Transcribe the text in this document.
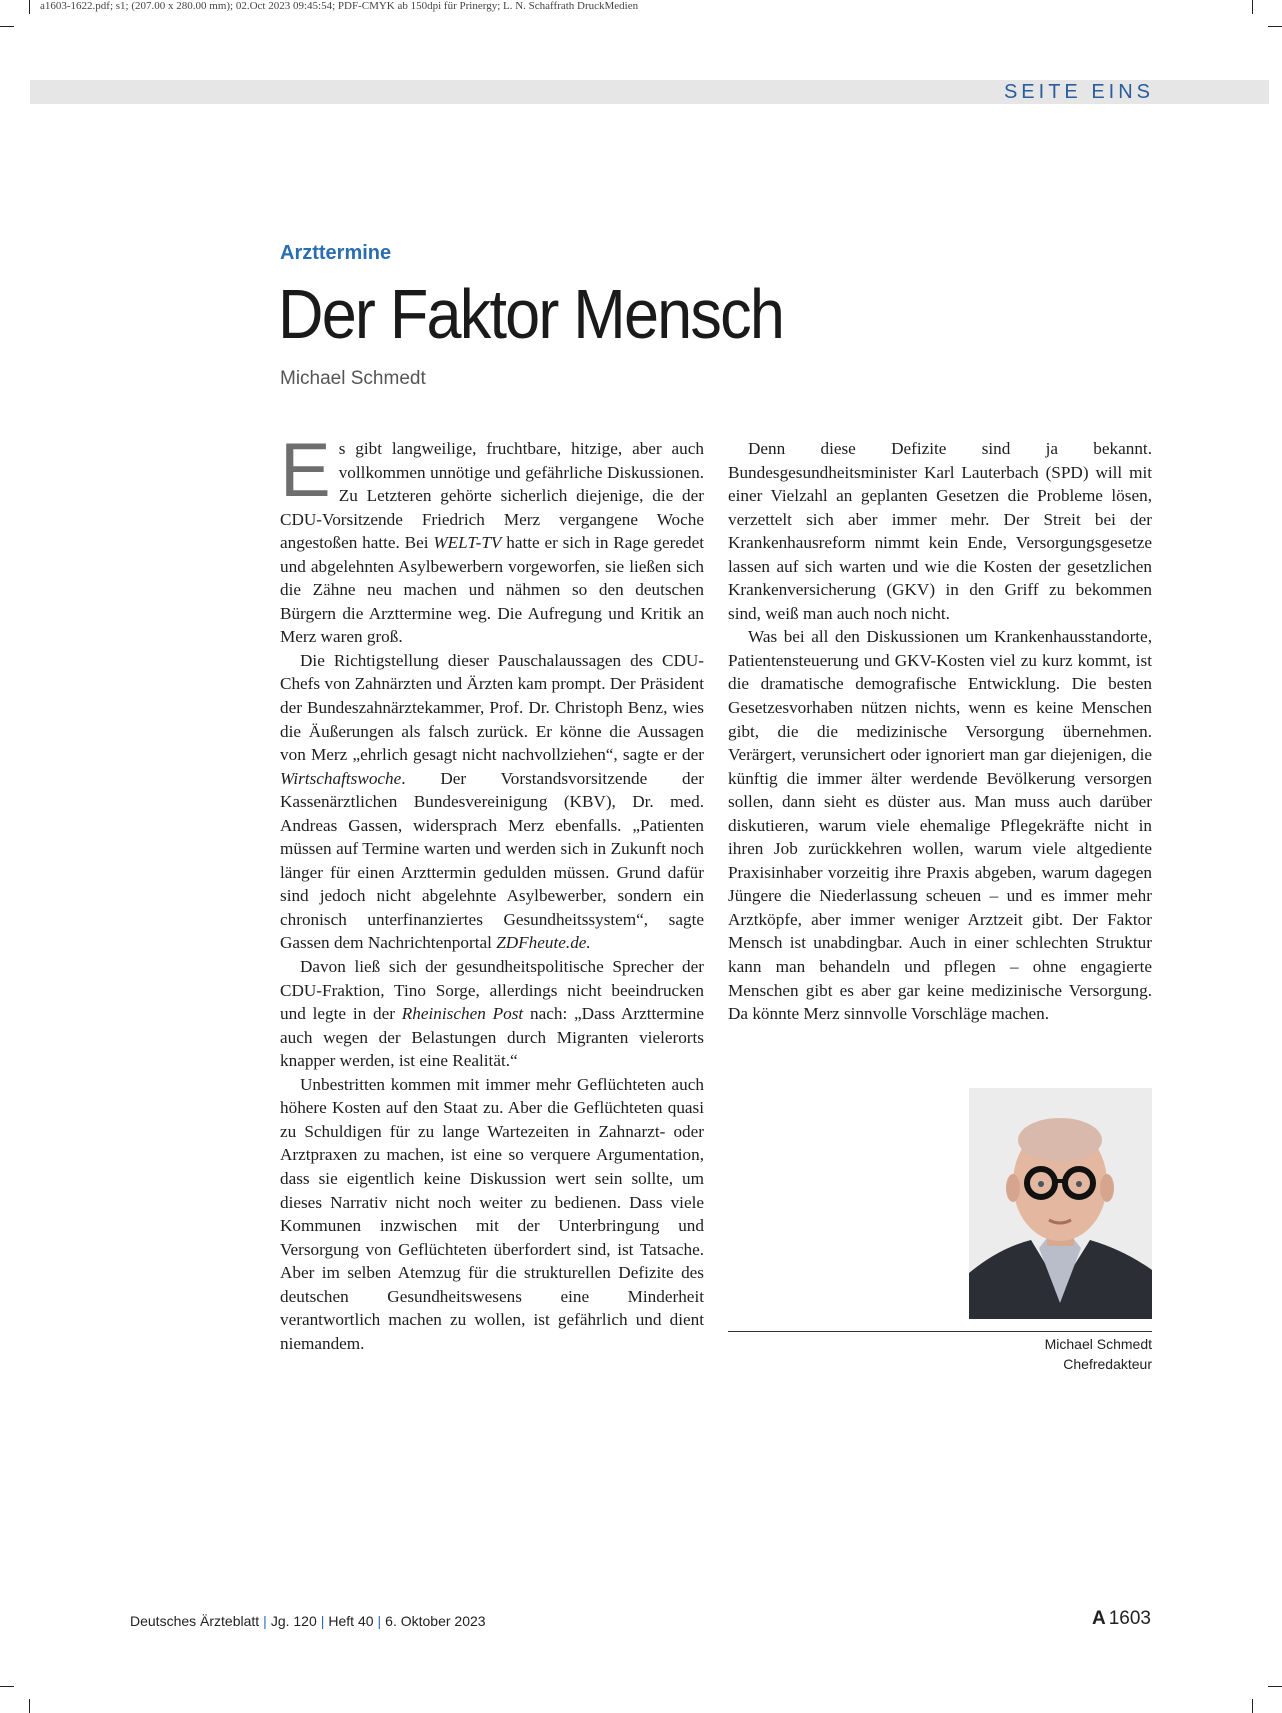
a1603-1622.pdf; s1; (207.00 x 280.00 mm); 02.Oct 2023 09:45:54; PDF-CMYK ab 150dpi für Prinergy; L. N. Schaffrath DruckMedien
SEITE EINS
Arzttermine
Der Faktor Mensch
Michael Schmedt

Es gibt langweilige, fruchtbare, hitzige, aber auch vollkommen unnötige und gefährliche Diskussionen. Zu Letzteren gehörte sicherlich diejenige, die der CDU-Vorsitzende Friedrich Merz vergangene Woche angestoßen hatte. Bei WELT-TV hatte er sich in Rage geredet und abgelehnten Asylbewerbern vorgeworfen, sie ließen sich die Zähne neu machen und nähmen so den deutschen Bürgern die Arzttermine weg. Die Aufregung und Kritik an Merz waren groß.

Die Richtigstellung dieser Pauschalaussagen des CDU-Chefs von Zahnärzten und Ärzten kam prompt. Der Präsident der Bundeszahnärztekammer, Prof. Dr. Christoph Benz, wies die Äußerungen als falsch zurück. Er könne die Aussagen von Merz „ehrlich gesagt nicht nachvollziehen“, sagte er der Wirtschaftswoche. Der Vorstandsvorsitzende der Kassenärztlichen Bundesvereinigung (KBV), Dr. med. Andreas Gassen, widersprach Merz ebenfalls. „Patienten müssen auf Termine warten und werden sich in Zukunft noch länger für einen Arzttermin gedulden müssen. Grund dafür sind jedoch nicht abgelehnte Asylbewerber, sondern ein chronisch unterfinanziertes Gesundheitssystem“, sagte Gassen dem Nachrichtenportal ZDFheute.de.

Davon ließ sich der gesundheitspolitische Sprecher der CDU-Fraktion, Tino Sorge, allerdings nicht beeindrucken und legte in der Rheinischen Post nach: „Dass Arzttermine auch wegen der Belastungen durch Migranten vielerorts knapper werden, ist eine Realität.“

Unbestritten kommen mit immer mehr Geflüchteten auch höhere Kosten auf den Staat zu. Aber die Geflüchteten quasi zu Schuldigen für zu lange Wartezeiten in Zahnarzt- oder Arztpraxen zu machen, ist eine so verquere Argumentation, dass sie eigentlich keine Diskussion wert sein sollte, um dieses Narrativ nicht noch weiter zu bedienen. Dass viele Kommunen inzwischen mit der Unterbringung und Versorgung von Geflüchteten überfordert sind, ist Tatsache. Aber im selben Atemzug für die strukturellen Defizite des deutschen Gesundheitswesens eine Minderheit verantwortlich machen zu wollen, ist gefährlich und dient niemandem.

Denn diese Defizite sind ja bekannt. Bundesgesundheitsminister Karl Lauterbach (SPD) will mit einer Vielzahl an geplanten Gesetzen die Probleme lösen, verzettelt sich aber immer mehr. Der Streit bei der Krankenhausreform nimmt kein Ende, Versorgungsgesetze lassen auf sich warten und wie die Kosten der gesetzlichen Krankenversicherung (GKV) in den Griff zu bekommen sind, weiß man auch noch nicht.

Was bei all den Diskussionen um Krankenhausstandorte, Patientensteuerung und GKV-Kosten viel zu kurz kommt, ist die dramatische demografische Entwicklung. Die besten Gesetzesvorhaben nützen nichts, wenn es keine Menschen gibt, die die medizinische Versorgung übernehmen. Verärgert, verunsichert oder ignoriert man gar diejenigen, die künftig die immer älter werdende Bevölkerung versorgen sollen, dann sieht es düster aus. Man muss auch darüber diskutieren, warum viele ehemalige Pflegekräfte nicht in ihren Job zurückkehren wollen, warum viele altgediente Praxisinhaber vorzeitig ihre Praxis abgeben, warum dagegen Jüngere die Niederlassung scheuen – und es immer mehr Arztköpfe, aber immer weniger Arztzeit gibt. Der Faktor Mensch ist unabdingbar. Auch in einer schlechten Struktur kann man behandeln und pflegen – ohne engagierte Menschen gibt es aber gar keine medizinische Versorgung. Da könnte Merz sinnvolle Vorschläge machen.

Michael Schmedt
Chefredakteur
Deutsches Ärzteblatt | Jg. 120 | Heft 40 | 6. Oktober 2023	A 1603
